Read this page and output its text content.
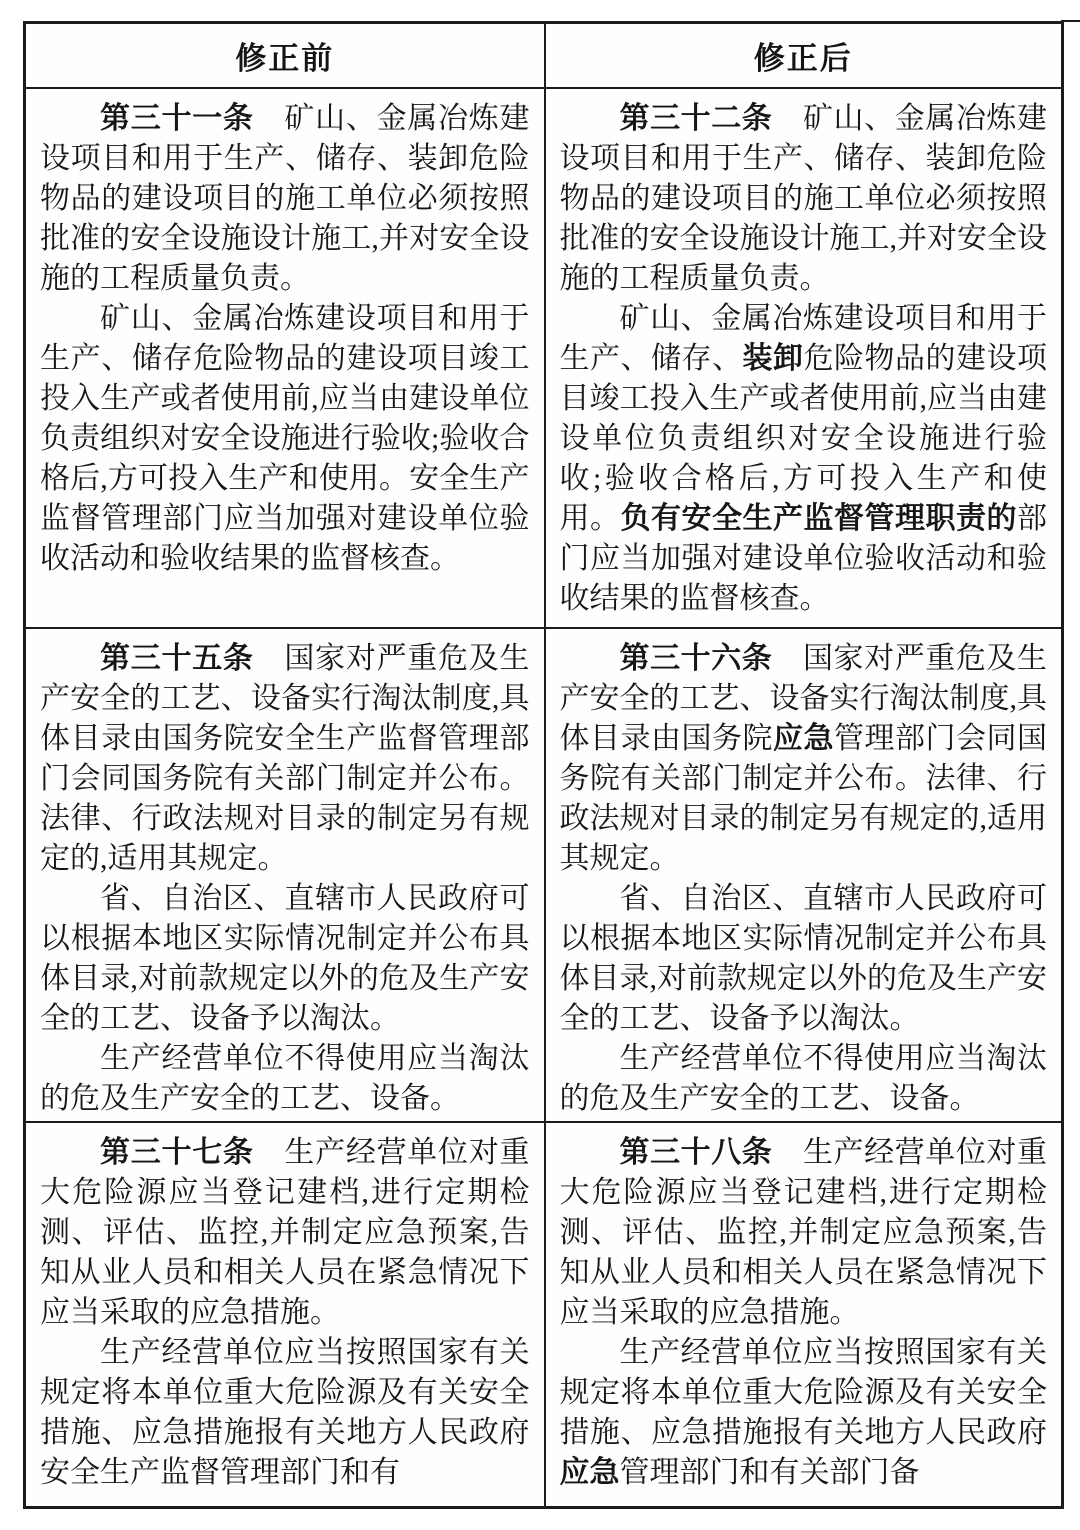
修正前	修正后

第三十一条　矿山、金属冶炼建设项目和用于生产、储存、装卸危险物品的建设项目的施工单位必须按照批准的安全设施设计施工,并对安全设施的工程质量负责。

矿山、金属冶炼建设项目和用于生产、储存危险物品的建设项目竣工投入生产或者使用前,应当由建设单位负责组织对安全设施进行验收;验收合格后,方可投入生产和使用。安全生产监督管理部门应当加强对建设单位验收活动和验收结果的监督核查。

第三十二条　矿山、金属冶炼建设项目和用于生产、储存、装卸危险物品的建设项目的施工单位必须按照批准的安全设施设计施工,并对安全设施的工程质量负责。

矿山、金属冶炼建设项目和用于生产、储存、装卸危险物品的建设项目竣工投入生产或者使用前,应当由建设单位负责组织对安全设施进行验收;验收合格后,方可投入生产和使用。负有安全生产监督管理职责的部门应当加强对建设单位验收活动和验收结果的监督核查。

第三十五条　国家对严重危及生产安全的工艺、设备实行淘汰制度,具体目录由国务院安全生产监督管理部门会同国务院有关部门制定并公布。法律、行政法规对目录的制定另有规定的,适用其规定。

省、自治区、直辖市人民政府可以根据本地区实际情况制定并公布具体目录,对前款规定以外的危及生产安全的工艺、设备予以淘汰。

生产经营单位不得使用应当淘汰的危及生产安全的工艺、设备。

第三十六条　国家对严重危及生产安全的工艺、设备实行淘汰制度,具体目录由国务院应急管理部门会同国务院有关部门制定并公布。法律、行政法规对目录的制定另有规定的,适用其规定。

省、自治区、直辖市人民政府可以根据本地区实际情况制定并公布具体目录,对前款规定以外的危及生产安全的工艺、设备予以淘汰。

生产经营单位不得使用应当淘汰的危及生产安全的工艺、设备。

第三十七条　生产经营单位对重大危险源应当登记建档,进行定期检测、评估、监控,并制定应急预案,告知从业人员和相关人员在紧急情况下应当采取的应急措施。

生产经营单位应当按照国家有关规定将本单位重大危险源及有关安全措施、应急措施报有关地方人民政府安全生产监督管理部门和有

第三十八条　生产经营单位对重大危险源应当登记建档,进行定期检测、评估、监控,并制定应急预案,告知从业人员和相关人员在紧急情况下应当采取的应急措施。

生产经营单位应当按照国家有关规定将本单位重大危险源及有关安全措施、应急措施报有关地方人民政府应急管理部门和有关部门备
